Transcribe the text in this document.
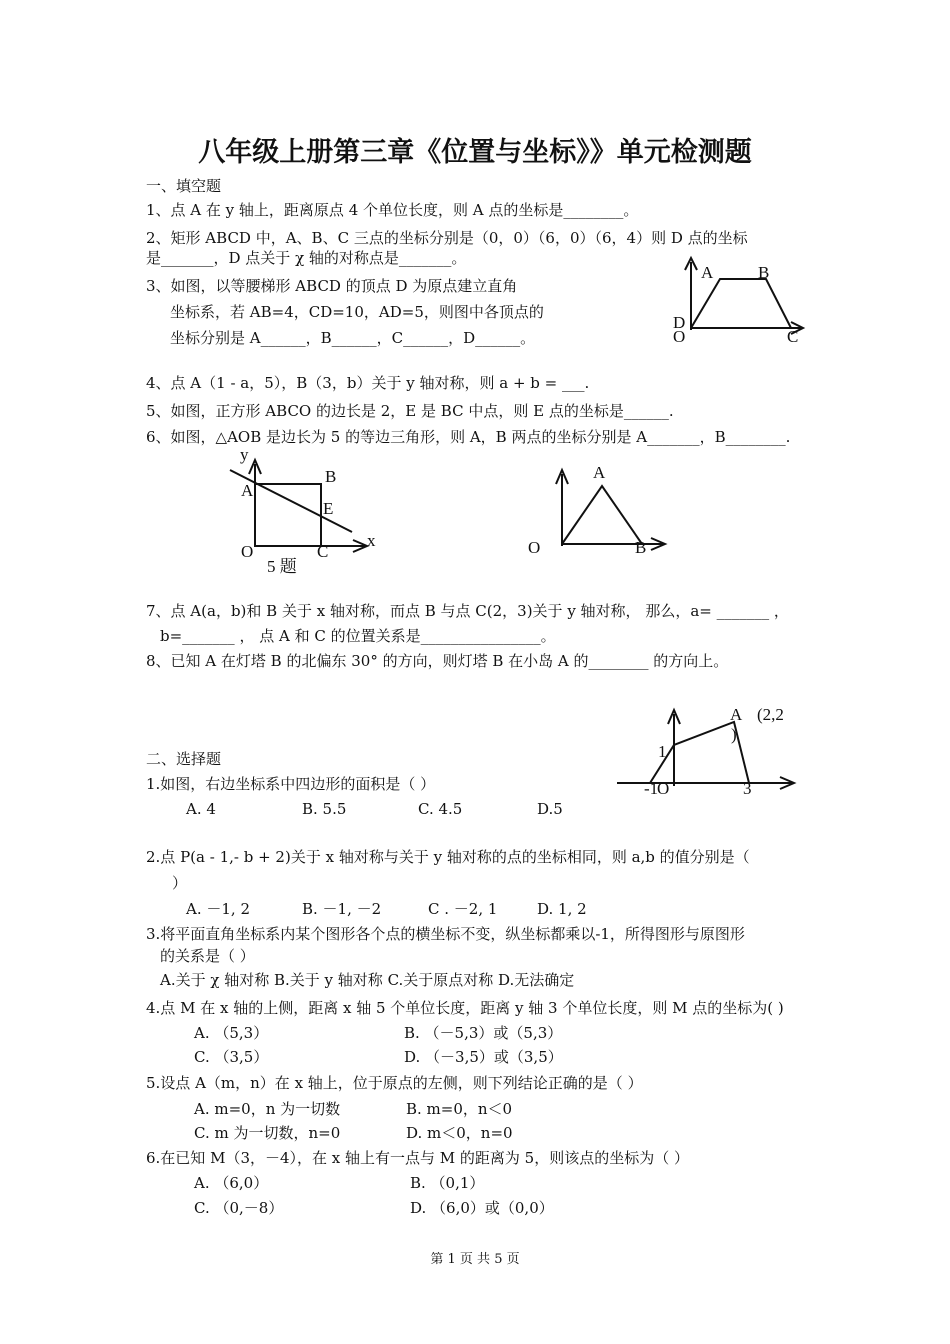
八年级上册第三章《位置与坐标》》单元检测题
一、填空题
1、点 A 在 y 轴上，距离原点 4 个单位长度，则 A 点的坐标是________。
2、矩形 ABCD 中，A、B、C 三点的坐标分别是（0，0）（6，0）（6，4）则 D 点的坐标
是_______，D 点关于 χ 轴的对称点是_______。
3、如图，以等腰梯形 ABCD 的顶点 D 为原点建立直角
坐标系，若 AB=4，CD=10，AD=5，则图中各顶点的
坐标分别是 A______，B______，C______，D______。
4、点 A（1 - a，5），B（3，b）关于 y 轴对称，则 a + b = ___.
5、如图，正方形 ABCO 的边长是 2，E 是 BC 中点，则 E 点的坐标是______.
6、如图，△AOB 是边长为 5 的等边三角形，则 A，B 两点的坐标分别是 A_______，B________.
A	B
D
O	C
y
A
B
E
O	C
x
5 题
A
O	B
7、点 A(a，b)和 B 关于 x 轴对称，而点 B 与点 C(2，3)关于 y 轴对称， 那么，a= _______ ，
b=_______ ， 点 A 和 C 的位置关系是________________。
8、已知 A 在灯塔 B 的北偏东 30° 的方向，则灯塔 B 在小岛 A 的________ 的方向上。
A (2,2
)
1
-1
O	3
二、选择题
1.如图，右边坐标系中四边形的面积是（ ）
A. 4	B. 5.5	C. 4.5	D.5
2.点 P(a - 1,- b + 2)关于 x 轴对称与关于 y 轴对称的点的坐标相同，则 a,b 的值分别是（
）
A. －1, 2	B. －1, －2	C . －2, 1	D. 1, 2
3.将平面直角坐标系内某个图形各个点的横坐标不变，纵坐标都乘以-1，所得图形与原图形
的关系是（ ）
A.关于 χ 轴对称 B.关于 y 轴对称 C.关于原点对称 D.无法确定
4.点 M 在 x 轴的上侧，距离 x 轴 5 个单位长度，距离 y 轴 3 个单位长度，则 M 点的坐标为( )
A. （5,3）	B. （－5,3）或（5,3）
C. （3,5）	D. （－3,5）或（3,5）
5.设点 A（m，n）在 x 轴上，位于原点的左侧，则下列结论正确的是（ ）
A. m=0，n 为一切数	B. m=0，n＜0
C. m 为一切数，n=0	D. m＜0，n=0
6.在已知 M（3，－4），在 x 轴上有一点与 M 的距离为 5，则该点的坐标为（ ）
A. （6,0）	B. （0,1）
C. （0,－8）	D. （6,0）或（0,0）
第 1 页 共 5 页
